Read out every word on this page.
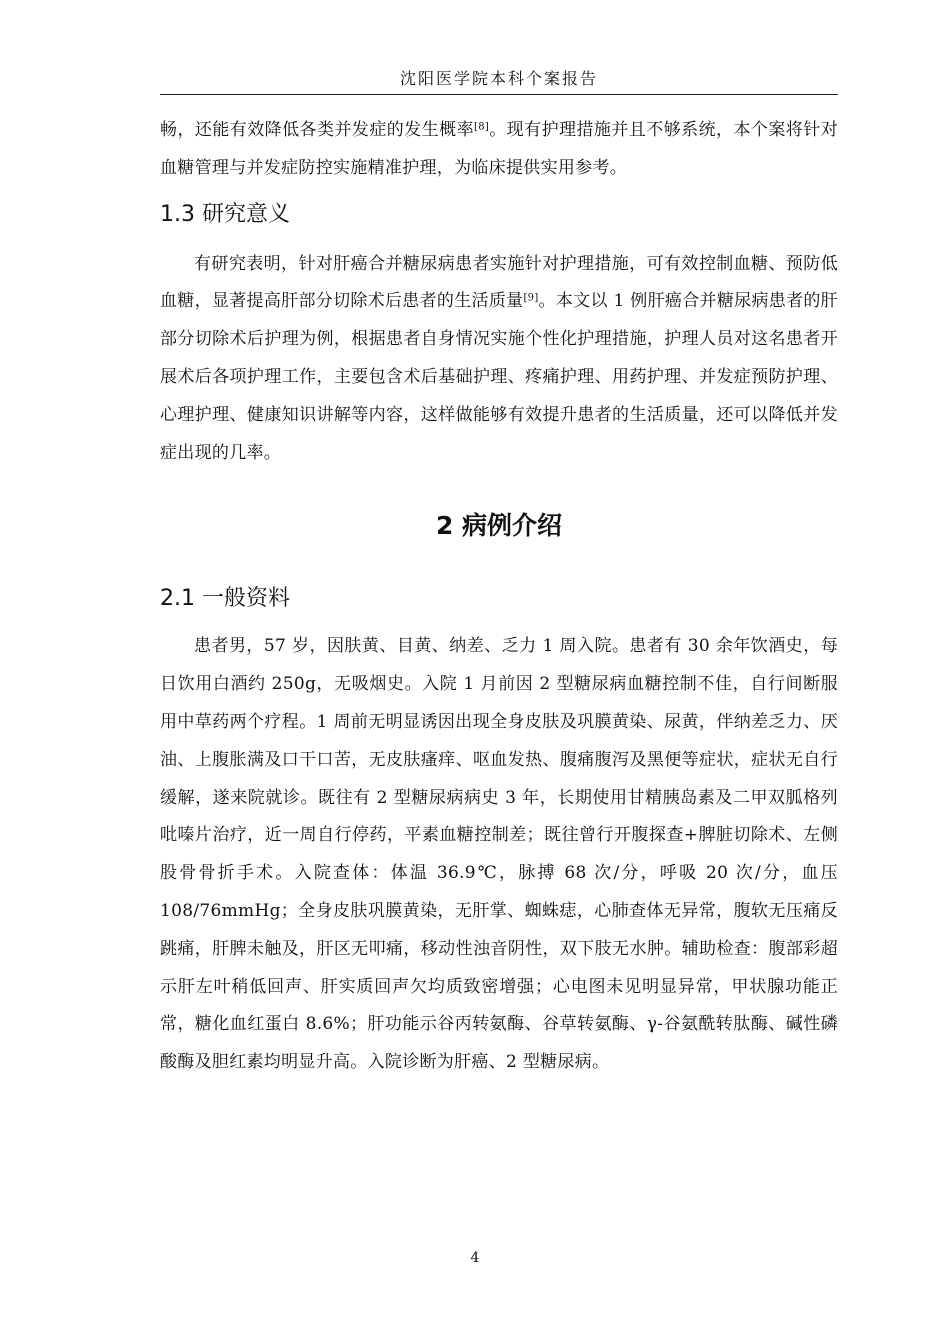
沈阳医学院本科个案报告

畅，还能有效降低各类并发症的发生概率[8]。现有护理措施并且不够系统，本个案将针对血糖管理与并发症防控实施精准护理，为临床提供实用参考。

1.3 研究意义

有研究表明，针对肝癌合并糖尿病患者实施针对护理措施，可有效控制血糖、预防低血糖，显著提高肝部分切除术后患者的生活质量[9]。本文以 1 例肝癌合并糖尿病患者的肝部分切除术后护理为例，根据患者自身情况实施个性化护理措施，护理人员对这名患者开展术后各项护理工作，主要包含术后基础护理、疼痛护理、用药护理、并发症预防护理、心理护理、健康知识讲解等内容，这样做能够有效提升患者的生活质量，还可以降低并发症出现的几率。

2 病例介绍
2.1 一般资料

患者男，57 岁，因肤黄、目黄、纳差、乏力 1 周入院。患者有 30 余年饮酒史，每日饮用白酒约 250g，无吸烟史。入院 1 月前因 2 型糖尿病血糖控制不佳，自行间断服用中草药两个疗程。1 周前无明显诱因出现全身皮肤及巩膜黄染、尿黄，伴纳差乏力、厌油、上腹胀满及口干口苦，无皮肤瘙痒、呕血发热、腹痛腹泻及黑便等症状，症状无自行缓解，遂来院就诊。既往有 2 型糖尿病病史 3 年，长期使用甘精胰岛素及二甲双胍格列吡嗪片治疗，近一周自行停药，平素血糖控制差；既往曾行开腹探查+脾脏切除术、左侧股骨骨折手术。入院查体：体温 36.9℃，脉搏 68 次/分，呼吸 20 次/分，血压 108/76mmHg；全身皮肤巩膜黄染，无肝掌、蜘蛛痣，心肺查体无异常，腹软无压痛反跳痛，肝脾未触及，肝区无叩痛，移动性浊音阴性，双下肢无水肿。辅助检查：腹部彩超示肝左叶稍低回声、肝实质回声欠均质致密增强；心电图未见明显异常，甲状腺功能正常，糖化血红蛋白 8.6%；肝功能示谷丙转氨酶、谷草转氨酶、γ-谷氨酰转肽酶、碱性磷酸酶及胆红素均明显升高。入院诊断为肝癌、2 型糖尿病。

4
